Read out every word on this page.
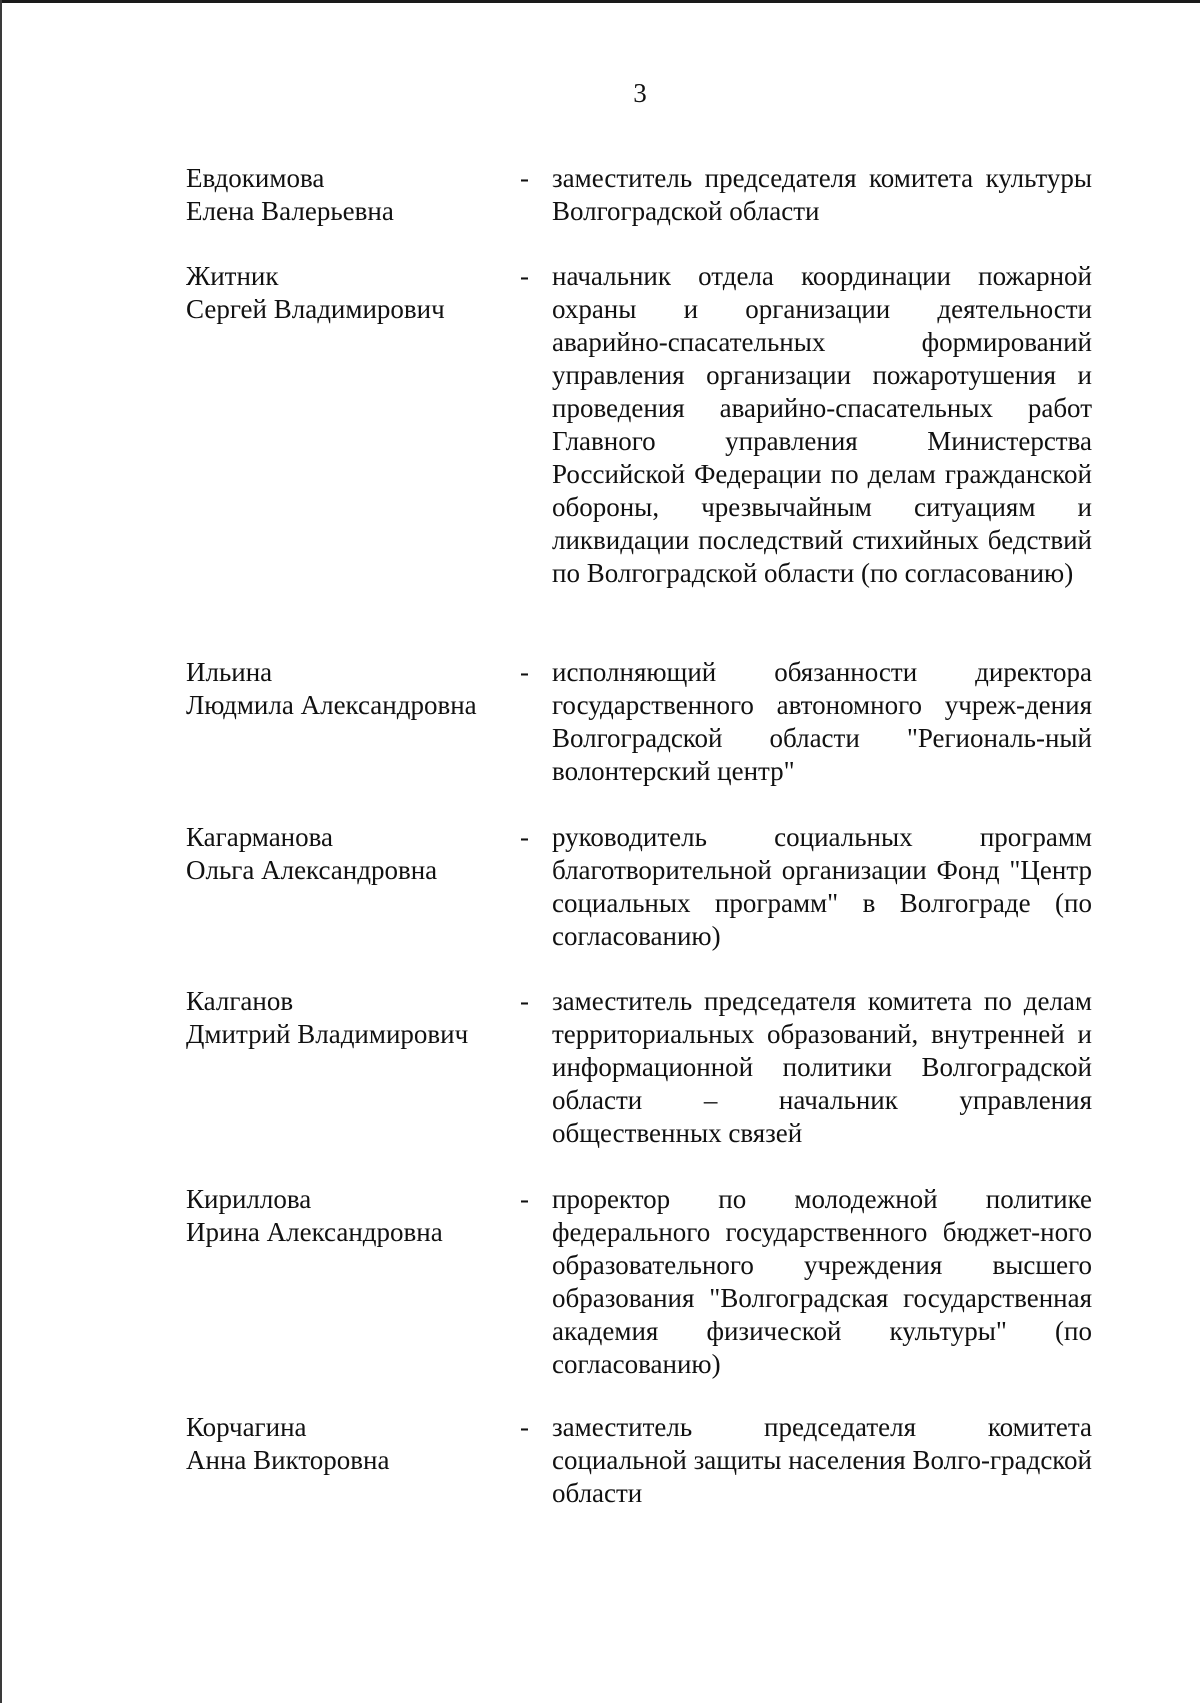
3
Евдокимова
Елена Валерьевна
- заместитель председателя комитета культуры Волгоградской области
Житник
Сергей Владимирович
- начальник отдела координации пожарной охраны и организации деятельности аварийно-спасательных формирований управления организации пожаротушения и проведения аварийно-спасательных работ Главного управления Министерства Российской Федерации по делам гражданской обороны, чрезвычайным ситуациям и ликвидации последствий стихийных бедствий по Волгоградской области (по согласованию)
Ильина
Людмила Александровна
- исполняющий обязанности директора государственного автономного учреж-дения Волгоградской области "Региональ-ный волонтерский центр"
Кагарманова
Ольга Александровна
- руководитель социальных программ благотворительной организации Фонд "Центр социальных программ" в Волгограде (по согласованию)
Калганов
Дмитрий Владимирович
- заместитель председателя комитета по делам территориальных образований, внутренней и информационной политики Волгоградской области – начальник управления общественных связей
Кириллова
Ирина Александровна
- проректор по молодежной политике федерального государственного бюджет-ного образовательного учреждения высшего образования "Волгоградская государственная академия физической культуры" (по согласованию)
Корчагина
Анна Викторовна
- заместитель председателя комитета социальной защиты населения Волго-градской области
